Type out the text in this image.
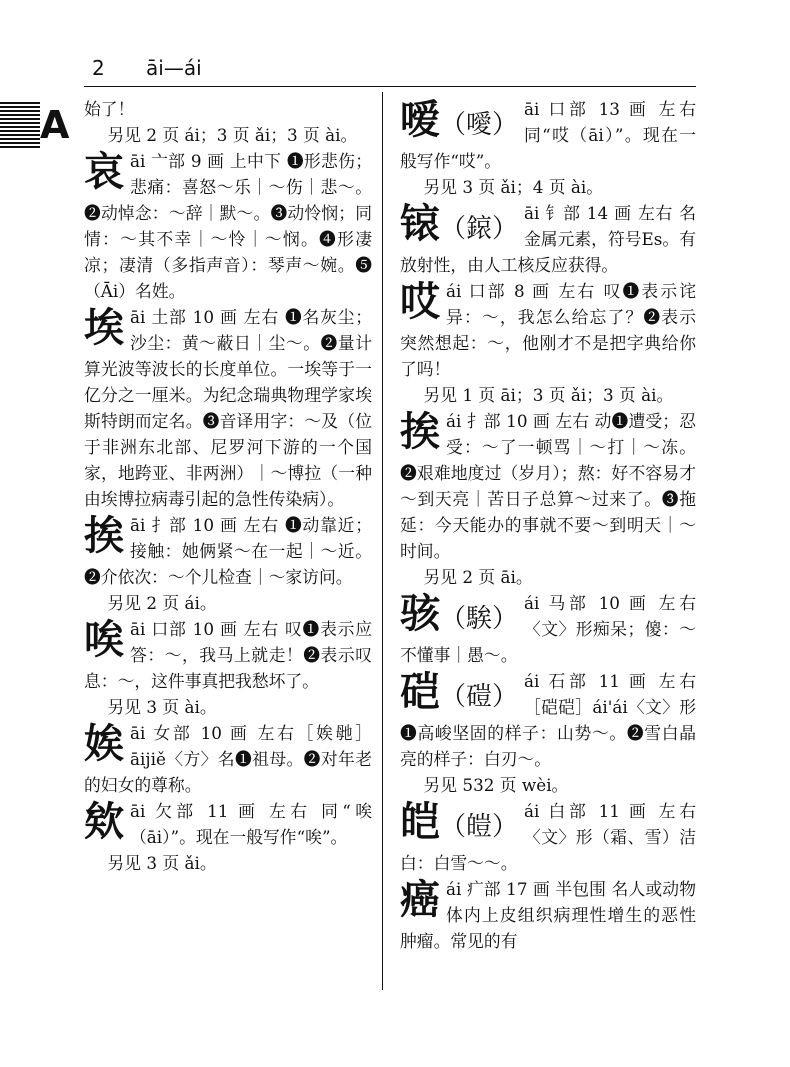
2 āi—ái
A 始了！

另见 2 页 ái；3 页 ǎi；3 页 ài。

哀 āi 亠部 9 画 上中下 ❶形悲伤；悲痛：喜怒～乐｜～伤｜悲～。❷动悼念：～辞｜默～。❸动怜悯；同情：～其不幸｜～怜｜～悯。❹形凄凉；凄清（多指声音）：琴声～婉。❺（Āi）名姓。

埃 āi 土部 10 画 左右 ❶名灰尘；沙尘：黄～蔽日｜尘～。❷量计算光波等波长的长度单位。一埃等于一亿分之一厘米。为纪念瑞典物理学家埃斯特朗而定名。❸音译用字：～及（位于非洲东北部、尼罗河下游的一个国家，地跨亚、非两洲）｜～博拉（一种由埃博拉病毒引起的急性传染病）。

挨 āi 扌部 10 画 左右 ❶动靠近；接触：她俩紧～在一起｜～近。❷介依次：～个儿检查｜～家访问。

另见 2 页 ái。

唉 āi 口部 10 画 左右 叹❶表示应答：～，我马上就走！❷表示叹息：～，这件事真把我愁坏了。

另见 3 页 ài。

娭 āi 女部 10 画 左右［娭毑］āijiě〈方〉名❶祖母。❷对年老的妇女的尊称。

欸 āi 欠部 11 画 左右 同“唉（āi）”。现在一般写作“唉”。

另见 3 页 ǎi。

嗳（噯）

āi 口部 13 画 左右 同“哎（āi）”。现在一般写作“哎”。

另见 3 页 ǎi；4 页 ài。

锿（鎄）

āi 钅部 14 画 左右 名金属元素，符号Es。有放射性，由人工核反应获得。

哎 ái 口部 8 画 左右 叹❶表示诧异：～，我怎么给忘了？❷表示突然想起：～，他刚才不是把字典给你了吗！

另见 1 页 āi；3 页 ǎi；3 页 ài。

挨 ái 扌部 10 画 左右 动❶遭受；忍受：～了一顿骂｜～打｜～冻。❷艰难地度过（岁月）；熬：好不容易才～到天亮｜苦日子总算～过来了。❸拖延：今天能办的事就不要～到明天｜～时间。

另见 2 页 āi。

骇（騃）

ái 马部 10 画 左右〈文〉形痴呆；傻：～不懂事｜愚～。

硙（磑）

ái 石部 11 画 左右［硙硙］ái'ái〈文〉形❶高峻坚固的样子：山势～。❷雪白晶亮的样子：白刃～。

另见 532 页 wèi。

皑（皚）

ái 白部 11 画 左右〈文〉形（霜、雪）洁白：白雪～～。

癌 ái 疒部 17 画 半包围 名人或动物体内上皮组织病理性增生的恶性肿瘤。常见的有
